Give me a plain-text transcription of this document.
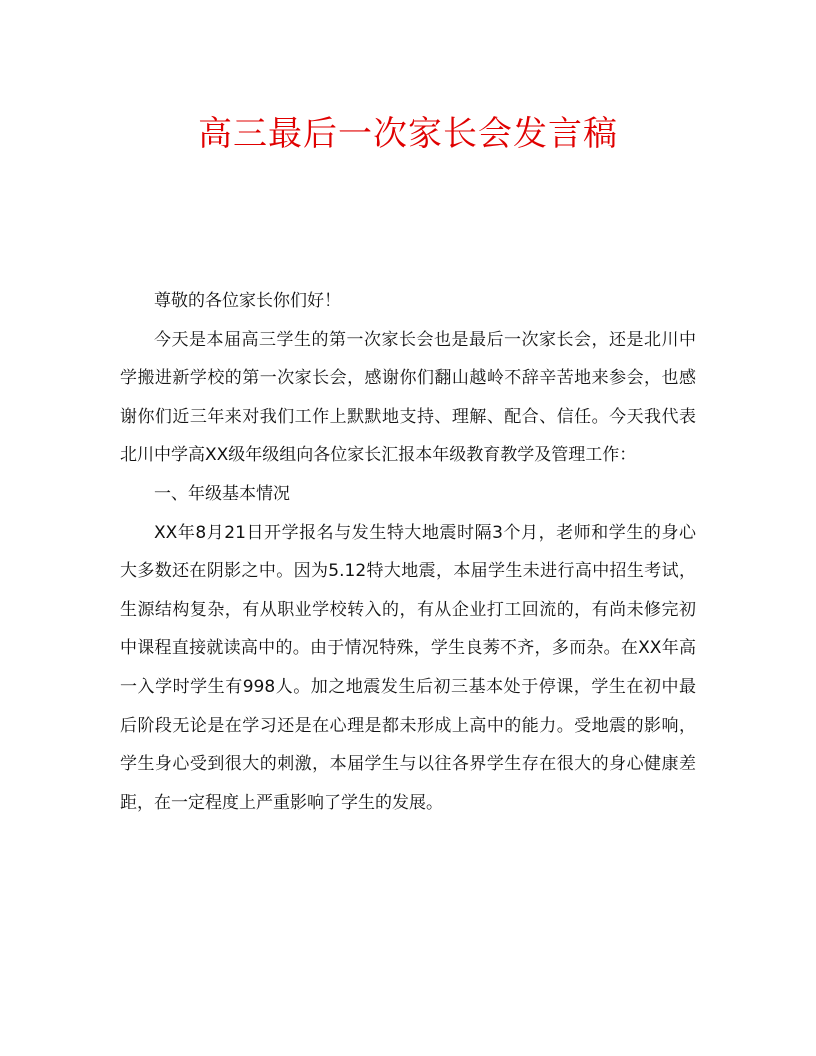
高三最后一次家长会发言稿

尊敬的各位家长你们好！

今天是本届高三学生的第一次家长会也是最后一次家长会，还是北川中学搬进新学校的第一次家长会，感谢你们翻山越岭不辞辛苦地来参会，也感谢你们近三年来对我们工作上默默地支持、理解、配合、信任。今天我代表北川中学高XX级年级组向各位家长汇报本年级教育教学及管理工作：

一、年级基本情况

XX年8月21日开学报名与发生特大地震时隔3个月，老师和学生的身心大多数还在阴影之中。因为5.12特大地震，本届学生未进行高中招生考试，生源结构复杂，有从职业学校转入的，有从企业打工回流的，有尚未修完初中课程直接就读高中的。由于情况特殊，学生良莠不齐，多而杂。在XX年高一入学时学生有998人。加之地震发生后初三基本处于停课，学生在初中最后阶段无论是在学习还是在心理是都未形成上高中的能力。受地震的影响，学生身心受到很大的刺激，本届学生与以往各界学生存在很大的身心健康差距，在一定程度上严重影响了学生的发展。
